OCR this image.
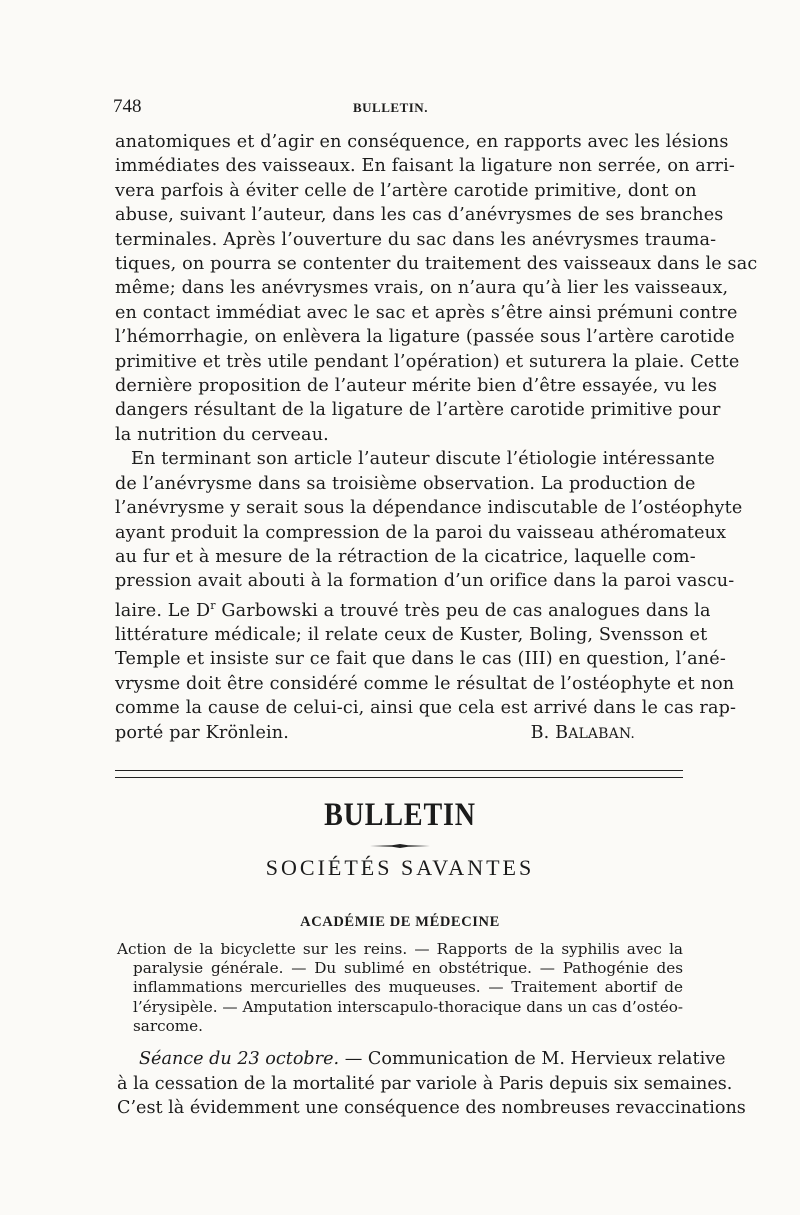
748	BULLETIN.

anatomiques et d’agir en conséquence, en rapports avec les lésions
immédiates des vaisseaux. En faisant la ligature non serrée, on arri-
vera parfois à éviter celle de l’artère carotide primitive, dont on
abuse, suivant l’auteur, dans les cas d’anévrysmes de ses branches
terminales. Après l’ouverture du sac dans les anévrysmes trauma-
tiques, on pourra se contenter du traitement des vaisseaux dans le sac
même; dans les anévrysmes vrais, on n’aura qu’à lier les vaisseaux,
en contact immédiat avec le sac et après s’être ainsi prémuni contre
l’hémorrhagie, on enlèvera la ligature (passée sous l’artère carotide
primitive et très utile pendant l’opération) et suturera la plaie. Cette
dernière proposition de l’auteur mérite bien d’être essayée, vu les
dangers résultant de la ligature de l’artère carotide primitive pour
la nutrition du cerveau.

En terminant son article l’auteur discute l’étiologie intéressante
de l’anévrysme dans sa troisième observation. La production de
l’anévrysme y serait sous la dépendance indiscutable de l’ostéophyte
ayant produit la compression de la paroi du vaisseau athéromateux
au fur et à mesure de la rétraction de la cicatrice, laquelle com-
pression avait abouti à la formation d’un orifice dans la paroi vascu-
laire. Le $D^r$ Garbowski a trouvé très peu de cas analogues dans la
littérature médicale; il relate ceux de Kuster, Boling, Svensson et
Temple et insiste sur ce fait que dans le cas (III) en question, l’ané-
vrysme doit être considéré comme le résultat de l’ostéophyte et non
comme la cause de celui-ci, ainsi que cela est arrivé dans le cas rap-
porté par Krönlein.	B. BALABAN.

BULLETIN
SOCIÉTÉS SAVANTES
ACADÉMIE DE MÉDECINE
Action de la bicyclette sur les reins. — Rapports de la syphilis avec la
paralysie générale. — Du sublimé en obstétrique. — Pathogénie des
inflammations mercurielles des muqueuses. — Traitement abortif de
l’érysipèle. — Amputation interscapulo-thoracique dans un cas d’ostéo-
sarcome.
Séance du 23 octobre. — Communication de M. Hervieux relative
à la cessation de la mortalité par variole à Paris depuis six semaines.
C’est là évidemment une conséquence des nombreuses revaccinations
